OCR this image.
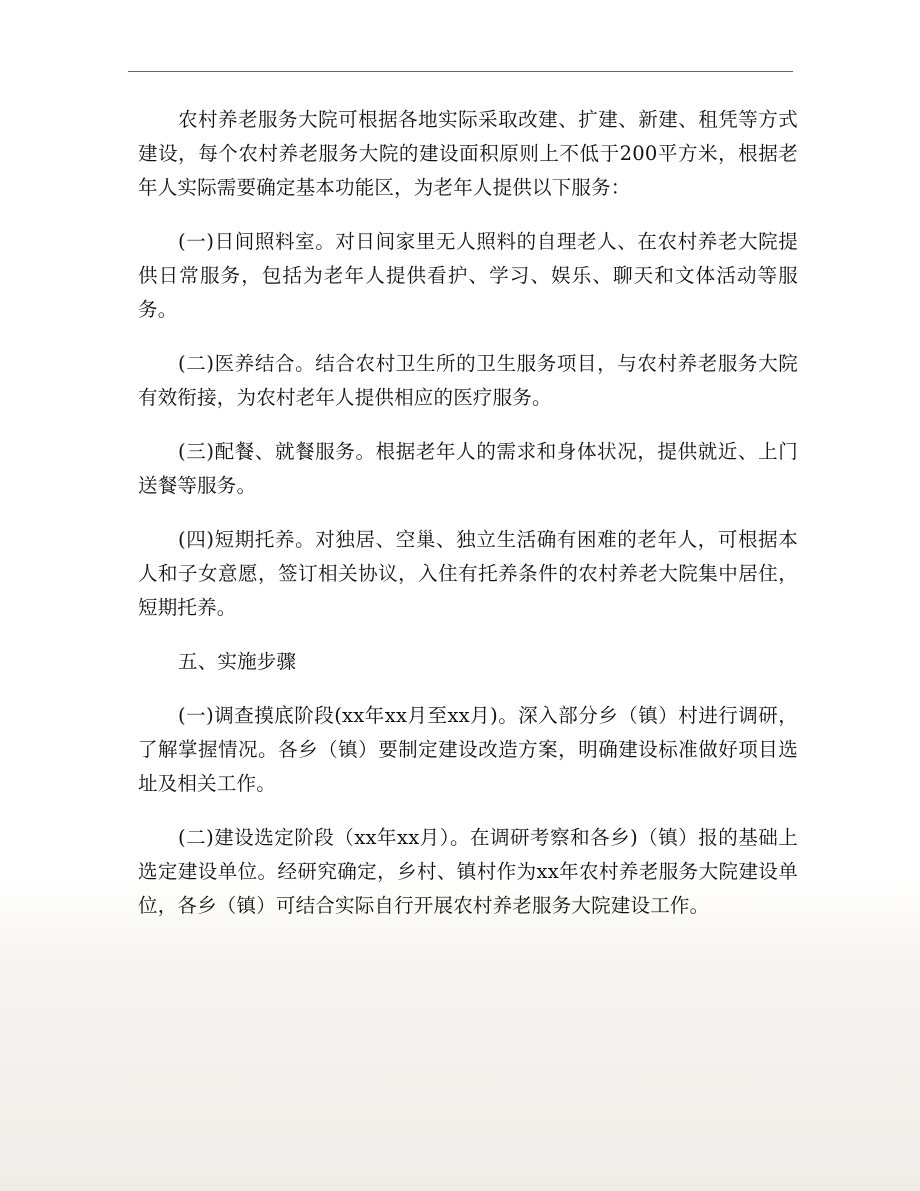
农村养老服务大院可根据各地实际采取改建、扩建、新建、租凭等方式建设，每个农村养老服务大院的建设面积原则上不低于200平方米，根据老年人实际需要确定基本功能区，为老年人提供以下服务：

(一)日间照料室。对日间家里无人照料的自理老人、在农村养老大院提供日常服务，包括为老年人提供看护、学习、娱乐、聊天和文体活动等服务。

(二)医养结合。结合农村卫生所的卫生服务项目，与农村养老服务大院有效衔接，为农村老年人提供相应的医疗服务。

(三)配餐、就餐服务。根据老年人的需求和身体状况，提供就近、上门送餐等服务。

(四)短期托养。对独居、空巢、独立生活确有困难的老年人，可根据本人和子女意愿，签订相关协议，入住有托养条件的农村养老大院集中居住，短期托养。

五、实施步骤

(一)调查摸底阶段(xx年xx月至xx月)。深入部分乡（镇）村进行调研，了解掌握情况。各乡（镇）要制定建设改造方案，明确建设标准做好项目选址及相关工作。

(二)建设选定阶段（xx年xx月）。在调研考察和各乡)（镇）报的基础上选定建设单位。经研究确定，乡村、镇村作为xx年农村养老服务大院建设单位，各乡（镇）可结合实际自行开展农村养老服务大院建设工作。
